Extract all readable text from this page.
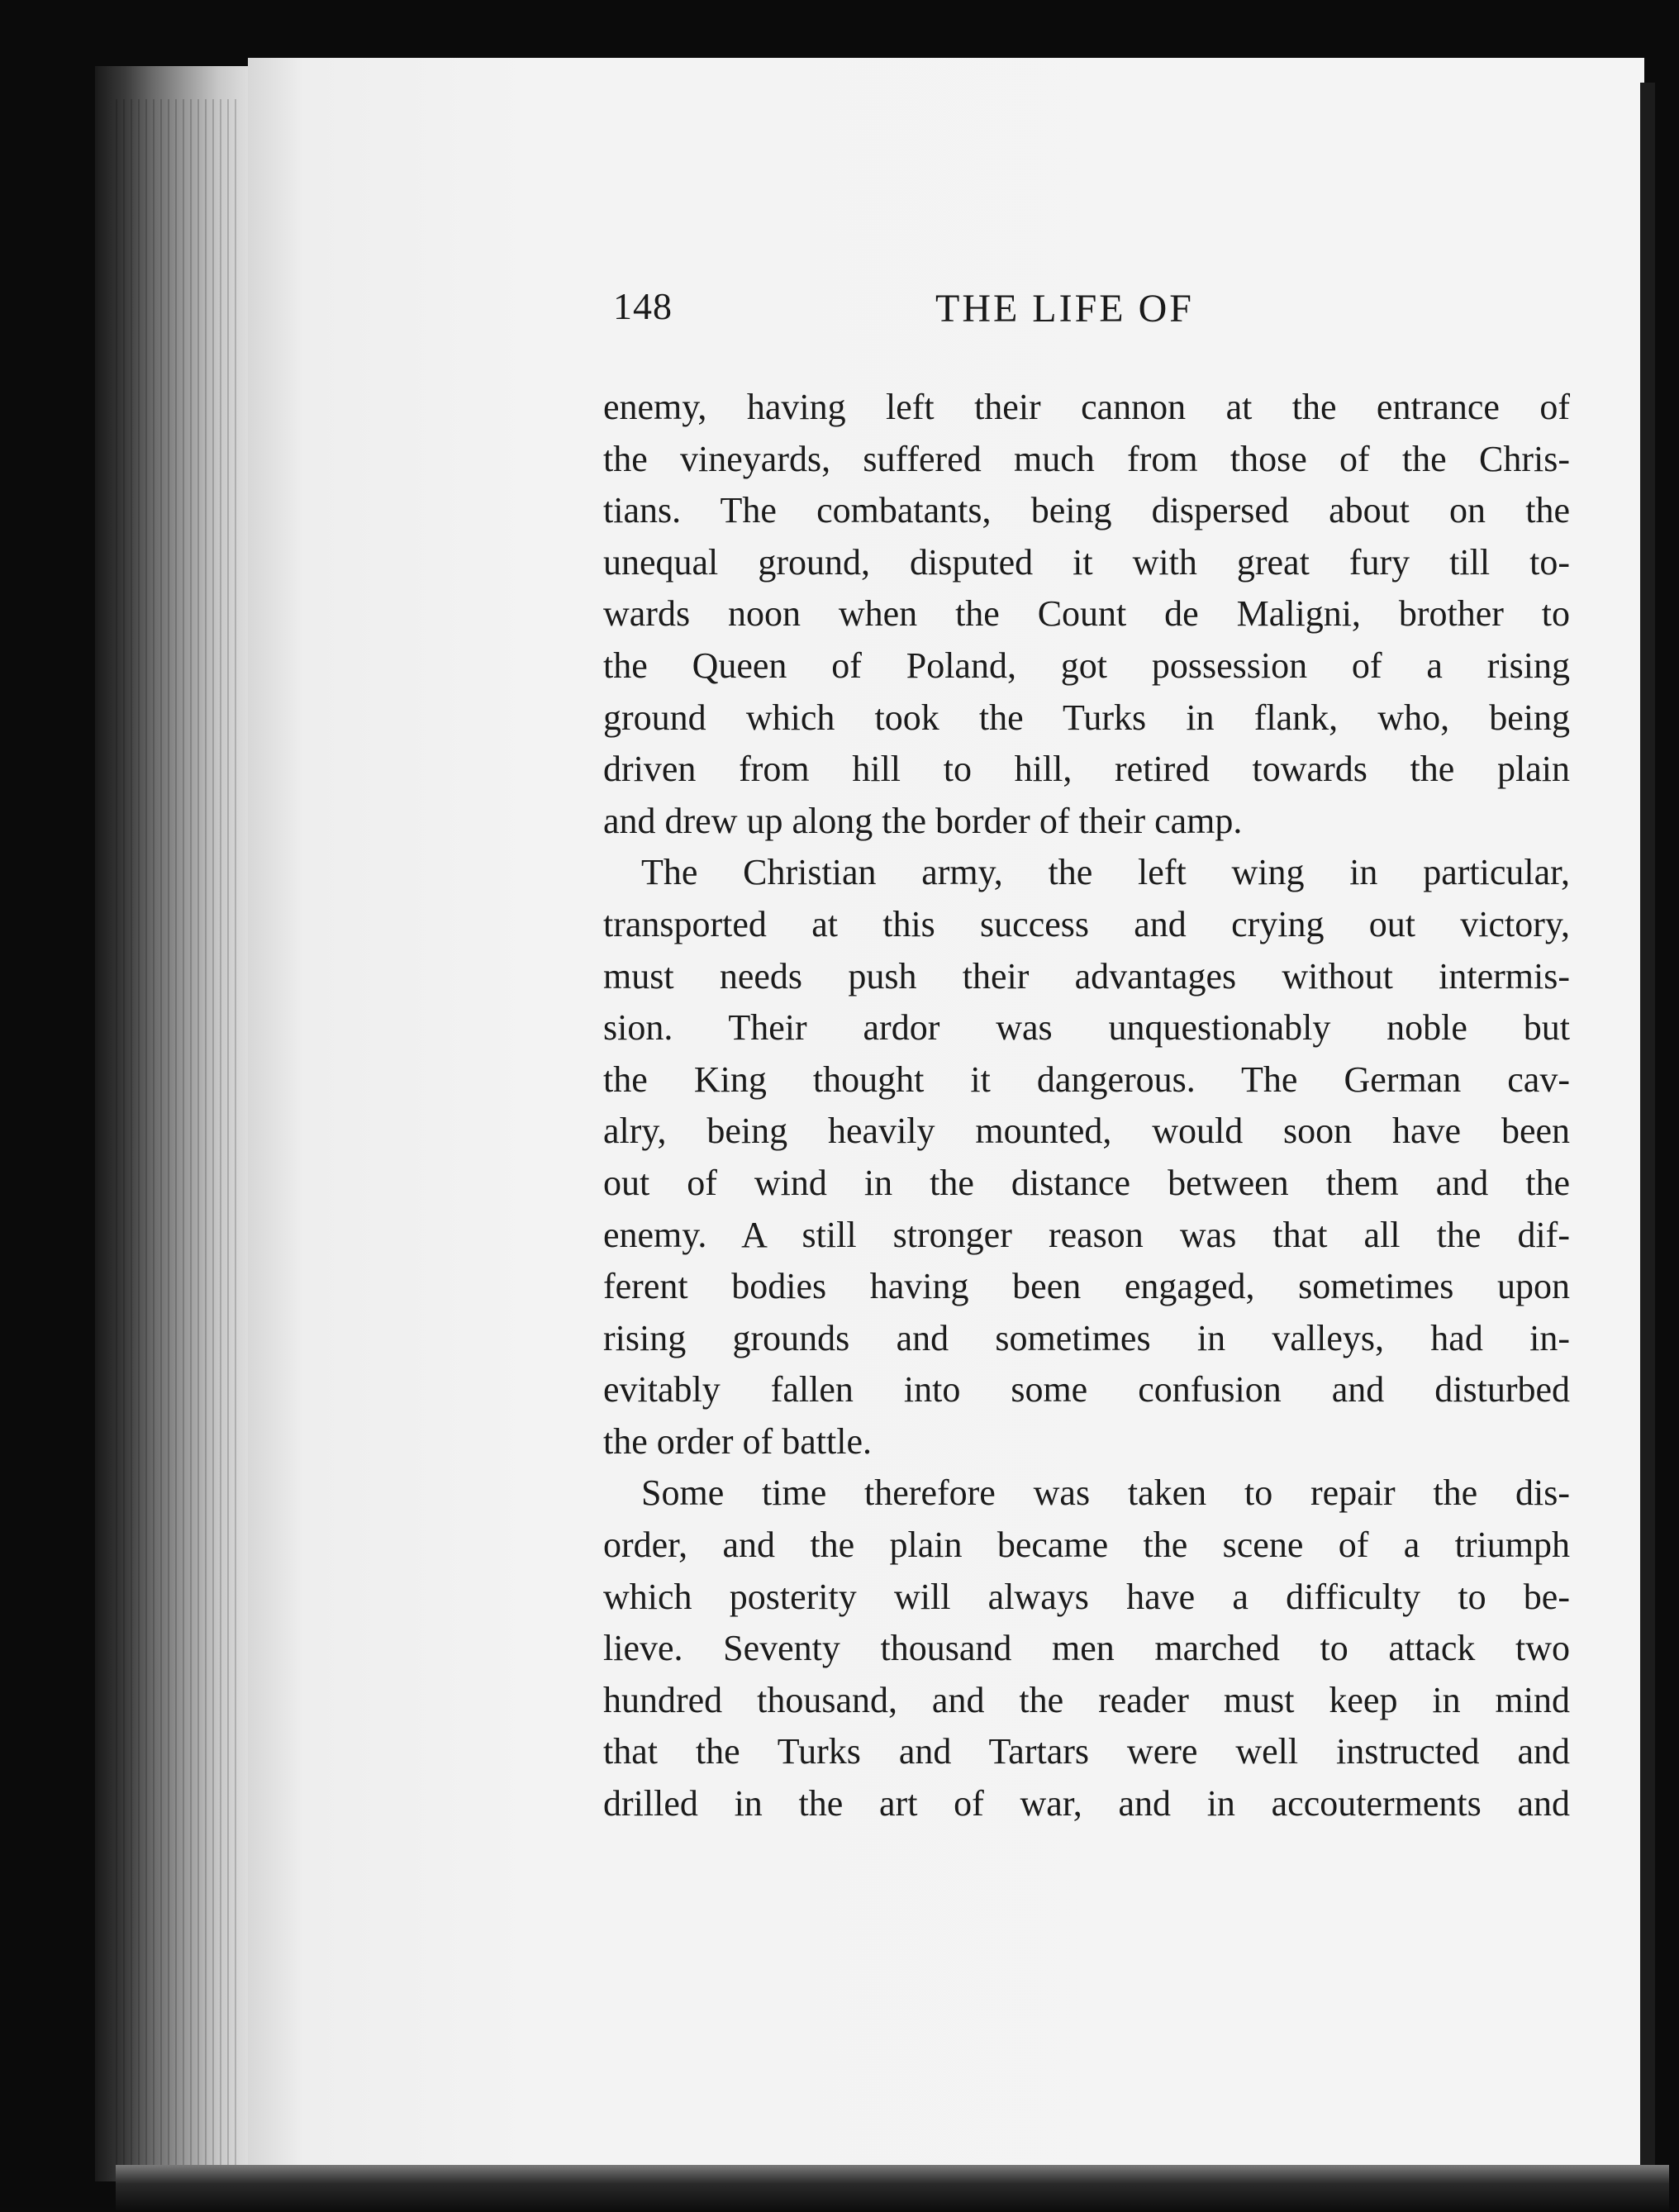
148	THE LIFE OF
enemy, having left their cannon at the entrance of
the vineyards, suffered much from those of the Chris-
tians. The combatants, being dispersed about on the
unequal ground, disputed it with great fury till to-
wards noon when the Count de Maligni, brother to
the Queen of Poland, got possession of a rising
ground which took the Turks in flank, who, being
driven from hill to hill, retired towards the plain
and drew up along the border of their camp.
The Christian army, the left wing in particular,
transported at this success and crying out victory,
must needs push their advantages without intermis-
sion. Their ardor was unquestionably noble but
the King thought it dangerous. The German cav-
alry, being heavily mounted, would soon have been
out of wind in the distance between them and the
enemy. A still stronger reason was that all the dif-
ferent bodies having been engaged, sometimes upon
rising grounds and sometimes in valleys, had in-
evitably fallen into some confusion and disturbed
the order of battle.
Some time therefore was taken to repair the dis-
order, and the plain became the scene of a triumph
which posterity will always have a difficulty to be-
lieve. Seventy thousand men marched to attack two
hundred thousand, and the reader must keep in mind
that the Turks and Tartars were well instructed and
drilled in the art of war, and in accouterments and
